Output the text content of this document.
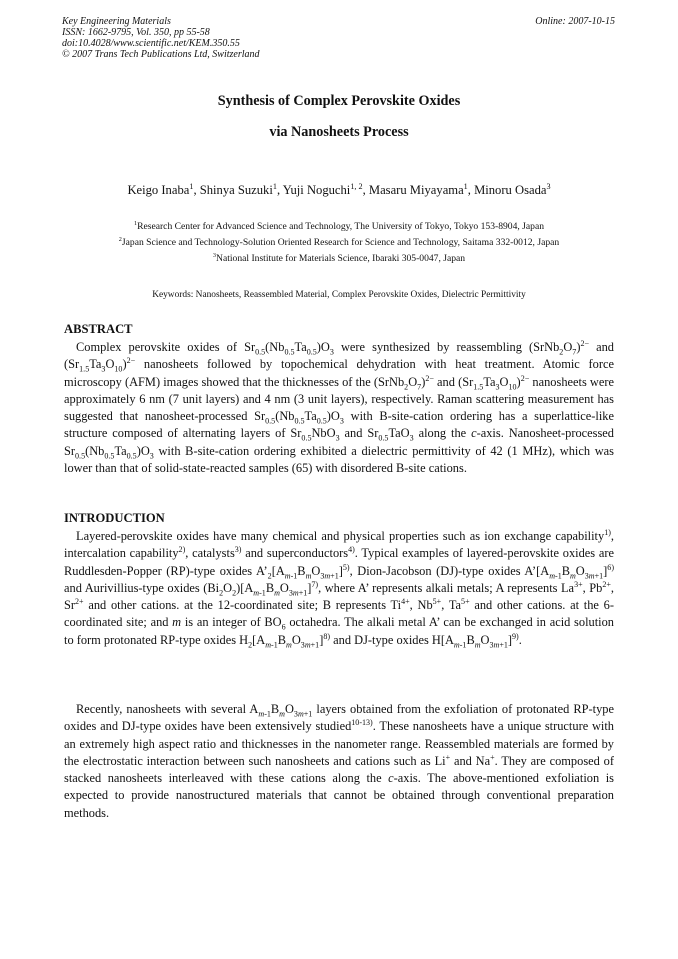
Key Engineering Materials
ISSN: 1662-9795, Vol. 350, pp 55-58
doi:10.4028/www.scientific.net/KEM.350.55
© 2007 Trans Tech Publications Ltd, Switzerland
Online: 2007-10-15
Synthesis of Complex Perovskite Oxides
via Nanosheets Process
Keigo Inaba$^1$, Shinya Suzuki$^1$, Yuji Noguchi$^{1, 2}$, Masaru Miyayama$^1$, Minoru Osada$^3$
$^1$Research Center for Advanced Science and Technology, The University of Tokyo, Tokyo 153-8904, Japan
$^2$Japan Science and Technology-Solution Oriented Research for Science and Technology, Saitama 332-0012, Japan
$^3$National Institute for Materials Science, Ibaraki 305-0047, Japan
Keywords: Nanosheets, Reassembled Material, Complex Perovskite Oxides, Dielectric Permittivity
ABSTRACT

Complex perovskite oxides of $Sr_{0.5}(Nb_{0.5}Ta_{0.5})O_3$ were synthesized by reassembling $(SrNb_2O_7)^{2-}$ and $(Sr_{1.5}Ta_3O_{10})^{2-}$ nanosheets followed by topochemical dehydration with heat treatment. Atomic force microscopy (AFM) images showed that the thicknesses of the $(SrNb_2O_7)^{2-}$ and $(Sr_{1.5}Ta_3O_{10})^{2-}$ nanosheets were approximately 6 nm (7 unit layers) and 4 nm (3 unit layers), respectively. Raman scattering measurement has suggested that nanosheet-processed $Sr_{0.5}(Nb_{0.5}Ta_{0.5})O_3$ with B-site-cation ordering has a superlattice-like structure composed of alternating layers of $Sr_{0.5}NbO_3$ and $Sr_{0.5}TaO_3$ along the c-axis. Nanosheet-processed $Sr_{0.5}(Nb_{0.5}Ta_{0.5})O_3$ with B-site-cation ordering exhibited a dielectric permittivity of 42 (1 MHz), which was lower than that of solid-state-reacted samples (65) with disordered B-site cations.

INTRODUCTION

Layered-perovskite oxides have many chemical and physical properties such as ion exchange capability$^{1)}$, intercalation capability$^{2)}$, catalysts$^{3)}$ and superconductors$^{4)}$. Typical examples of layered-perovskite oxides are Ruddlesden-Popper (RP)-type oxides $A’_2[A_{m-1}B_mO_{3m+1}]^{5)}$, Dion-Jacobson (DJ)-type oxides $A’[A_{m-1}B_mO_{3m+1}]^{6)}$ and Aurivillius-type oxides $(Bi_2O_2)[A_{m-1}B_mO_{3m+1}]^{7)}$, where A’ represents alkali metals; A represents $La^{3+}$, $Pb^{2+}$, $Sr^{2+}$ and other cations. at the 12-coordinated site; B represents $Ti^{4+}$, $Nb^{5+}$, $Ta^{5+}$ and other cations. at the 6-coordinated site; and m is an integer of $BO_6$ octahedra. The alkali metal A’ can be exchanged in acid solution to form protonated RP-type oxides $H_2[A_{m-1}B_mO_{3m+1}]^{8)}$ and DJ-type oxides $H[A_{m-1}B_mO_{3m+1}]^{9)}$.

Recently, nanosheets with several $A_{m-1}B_mO_{3m+1}$ layers obtained from the exfoliation of protonated RP-type oxides and DJ-type oxides have been extensively studied$^{10-13)}$. These nanosheets have a unique structure with an extremely high aspect ratio and thicknesses in the nanometer range. Reassembled materials are formed by the electrostatic interaction between such nanosheets and cations such as Li+ and Na+. They are composed of stacked nanosheets interleaved with these cations along the c-axis. The above-mentioned exfoliation is expected to provide nanostructured materials that cannot be obtained through conventional preparation methods.
